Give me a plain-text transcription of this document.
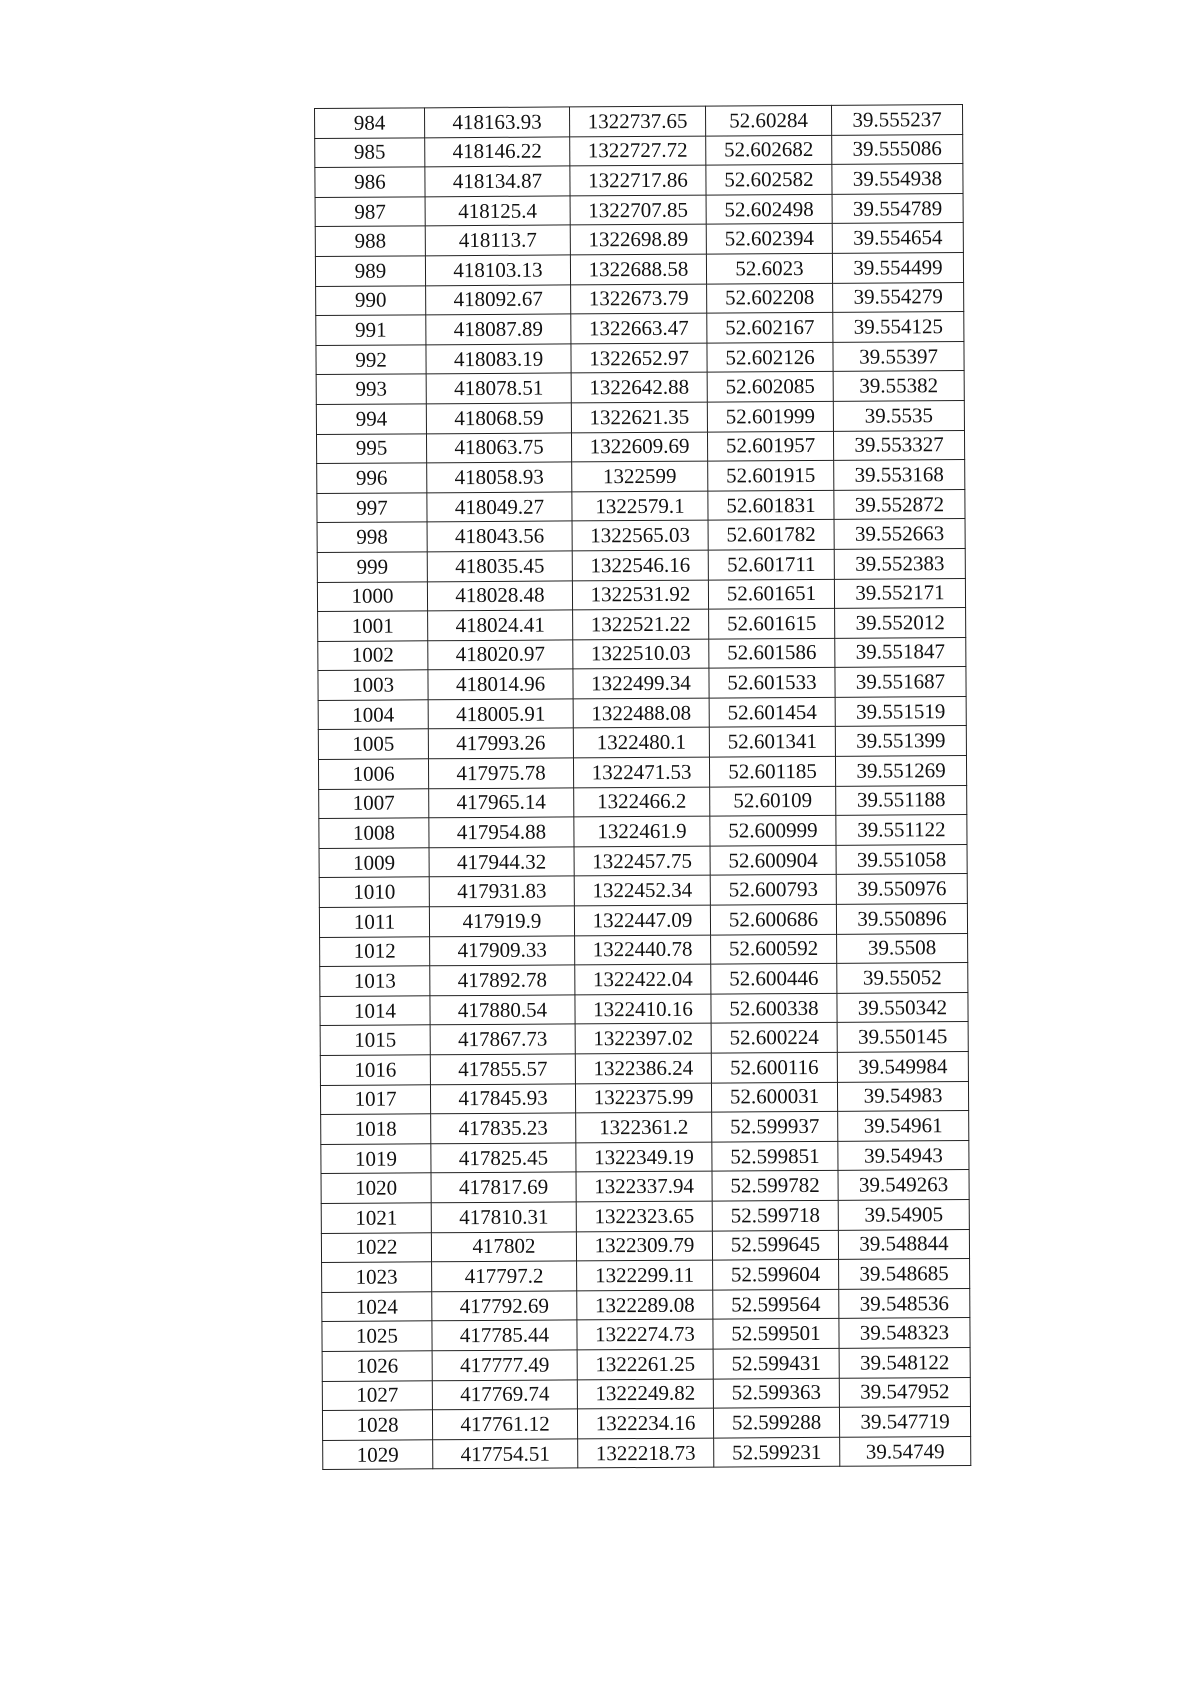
984	418163.93	1322737.65	52.60284	39.555237
985	418146.22	1322727.72	52.602682	39.555086
986	418134.87	1322717.86	52.602582	39.554938
987	418125.4	1322707.85	52.602498	39.554789
988	418113.7	1322698.89	52.602394	39.554654
989	418103.13	1322688.58	52.6023	39.554499
990	418092.67	1322673.79	52.602208	39.554279
991	418087.89	1322663.47	52.602167	39.554125
992	418083.19	1322652.97	52.602126	39.55397
993	418078.51	1322642.88	52.602085	39.55382
994	418068.59	1322621.35	52.601999	39.5535
995	418063.75	1322609.69	52.601957	39.553327
996	418058.93	1322599	52.601915	39.553168
997	418049.27	1322579.1	52.601831	39.552872
998	418043.56	1322565.03	52.601782	39.552663
999	418035.45	1322546.16	52.601711	39.552383
1000	418028.48	1322531.92	52.601651	39.552171
1001	418024.41	1322521.22	52.601615	39.552012
1002	418020.97	1322510.03	52.601586	39.551847
1003	418014.96	1322499.34	52.601533	39.551687
1004	418005.91	1322488.08	52.601454	39.551519
1005	417993.26	1322480.1	52.601341	39.551399
1006	417975.78	1322471.53	52.601185	39.551269
1007	417965.14	1322466.2	52.60109	39.551188
1008	417954.88	1322461.9	52.600999	39.551122
1009	417944.32	1322457.75	52.600904	39.551058
1010	417931.83	1322452.34	52.600793	39.550976
1011	417919.9	1322447.09	52.600686	39.550896
1012	417909.33	1322440.78	52.600592	39.5508
1013	417892.78	1322422.04	52.600446	39.55052
1014	417880.54	1322410.16	52.600338	39.550342
1015	417867.73	1322397.02	52.600224	39.550145
1016	417855.57	1322386.24	52.600116	39.549984
1017	417845.93	1322375.99	52.600031	39.54983
1018	417835.23	1322361.2	52.599937	39.54961
1019	417825.45	1322349.19	52.599851	39.54943
1020	417817.69	1322337.94	52.599782	39.549263
1021	417810.31	1322323.65	52.599718	39.54905
1022	417802	1322309.79	52.599645	39.548844
1023	417797.2	1322299.11	52.599604	39.548685
1024	417792.69	1322289.08	52.599564	39.548536
1025	417785.44	1322274.73	52.599501	39.548323
1026	417777.49	1322261.25	52.599431	39.548122
1027	417769.74	1322249.82	52.599363	39.547952
1028	417761.12	1322234.16	52.599288	39.547719
1029	417754.51	1322218.73	52.599231	39.54749
